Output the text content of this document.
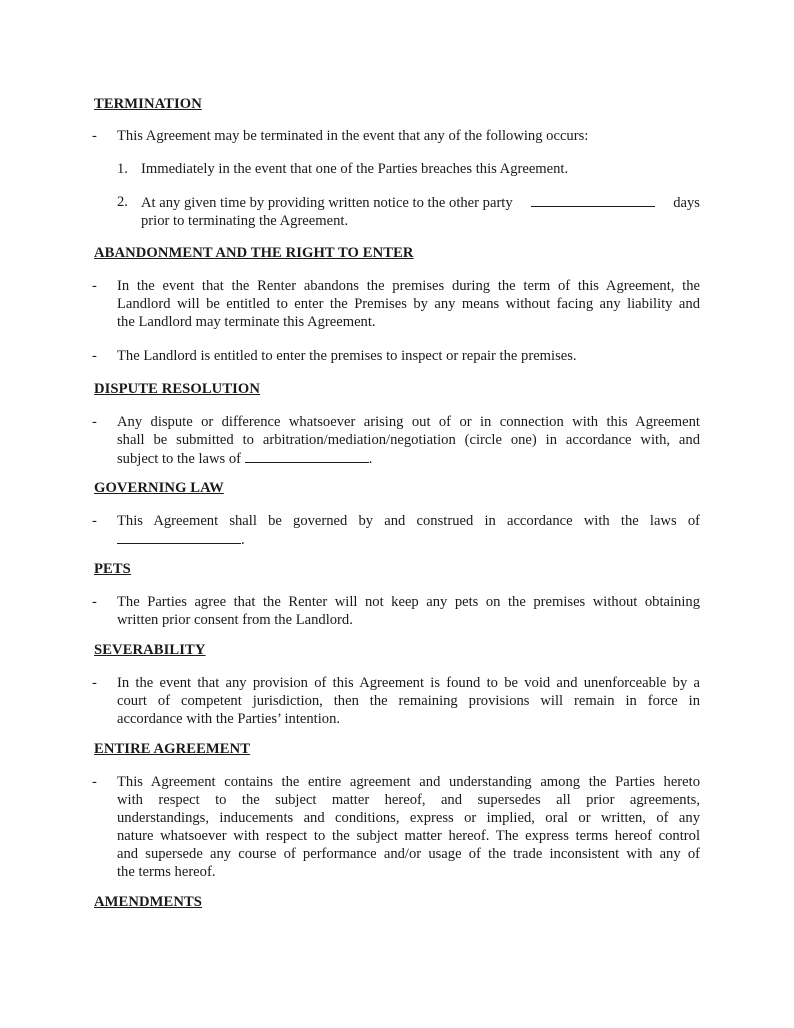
TERMINATION
-	This Agreement may be terminated in the event that any of the following occurs:
1. Immediately in the event that one of the Parties breaches this Agreement.
2. At any given time by providing written notice to the other party	days
prior to terminating the Agreement.
ABANDONMENT AND THE RIGHT TO ENTER
-	In the event that the Renter abandons the premises during the term of this Agreement, the
Landlord will be entitled to enter the Premises by any means without facing any liability and
the Landlord may terminate this Agreement.
-	The Landlord is entitled to enter the premises to inspect or repair the premises.
DISPUTE RESOLUTION
-	Any dispute or difference whatsoever arising out of or in connection with this Agreement
shall be submitted to arbitration/mediation/negotiation (circle one) in accordance with, and
subject to the laws of	.
GOVERNING LAW
-	This Agreement shall be governed by and construed in accordance with the laws of
.
PETS
-	The Parties agree that the Renter will not keep any pets on the premises without obtaining
written prior consent from the Landlord.
SEVERABILITY
-	In the event that any provision of this Agreement is found to be void and unenforceable by a
court of competent jurisdiction, then the remaining provisions will remain in force in
accordance with the Parties’ intention.
ENTIRE AGREEMENT
-	This Agreement contains the entire agreement and understanding among the Parties hereto
with respect to the subject matter hereof, and supersedes all prior agreements,
understandings, inducements and conditions, express or implied, oral or written, of any
nature whatsoever with respect to the subject matter hereof. The express terms hereof control
and supersede any course of performance and/or usage of the trade inconsistent with any of
the terms hereof.
AMENDMENTS
